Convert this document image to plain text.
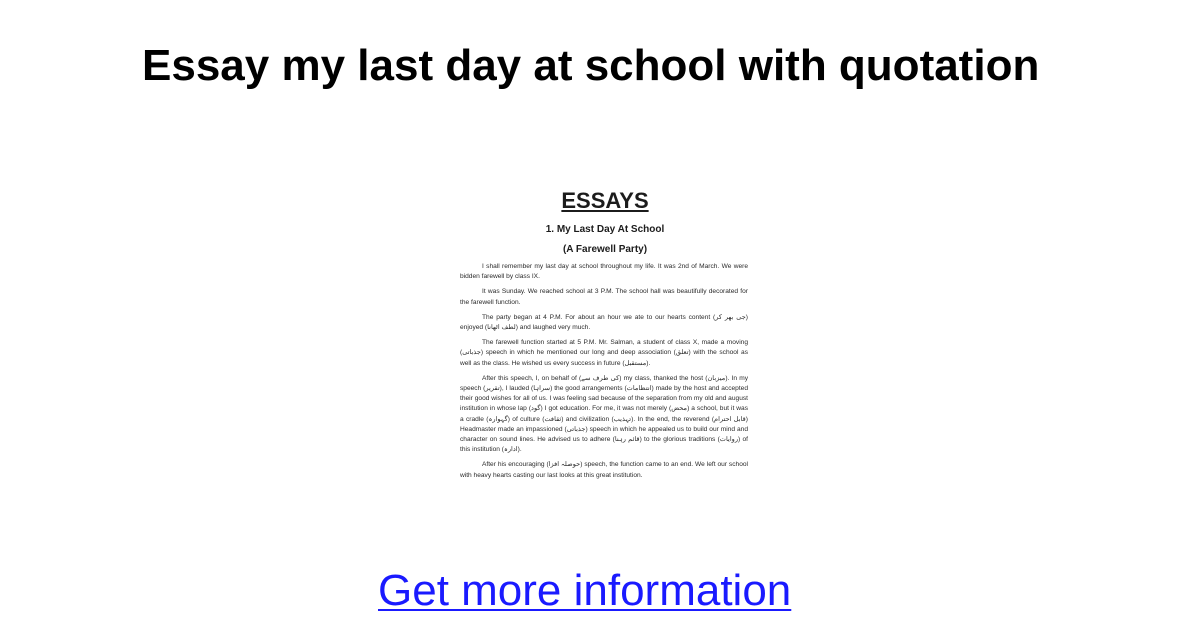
Essay my last day at school with quotation
ESSAYS
1. My Last Day At School
(A Farewell Party)

I shall remember my last day at school throughout my life. It was 2nd of March. We were bidden farewell by class IX.

It was Sunday. We reached school at 3 P.M. The school hall was beautifully decorated for the farewell function.

The party began at 4 P.M. For about an hour we ate to our hearts content (جی بھر کر) enjoyed (لطف اٹھانا) and laughed very much.

The farewell function started at 5 P.M. Mr. Salman, a student of class X, made a moving (جذباتی) speech in which he mentioned our long and deep association (تعلق) with the school as well as the class. He wished us every success in future (مستقبل).

After this speech, I, on behalf of (کی طرف سے) my class, thanked the host (میزبان). In my speech (تقریر), I lauded (سراہا) the good arrangements (انتظامات) made by the host and accepted their good wishes for all of us. I was feeling sad because of the separation from my old and august institution in whose lap (گود) I got education. For me, it was not merely (محض) a school, but it was a cradle (گہوارہ) of culture (ثقافت) and civilization (تہذیب). In the end, the reverend (قابل احترام) Headmaster made an impassioned (جذباتی) speech in which he appealed us to build our mind and character on sound lines. He advised us to adhere (قائم رہنا) to the glorious traditions (روایات) of this institution (ادارہ).

After his encouraging (حوصلہ افزا) speech, the function came to an end. We left our school with heavy hearts casting our last looks at this great institution.

Get more information
